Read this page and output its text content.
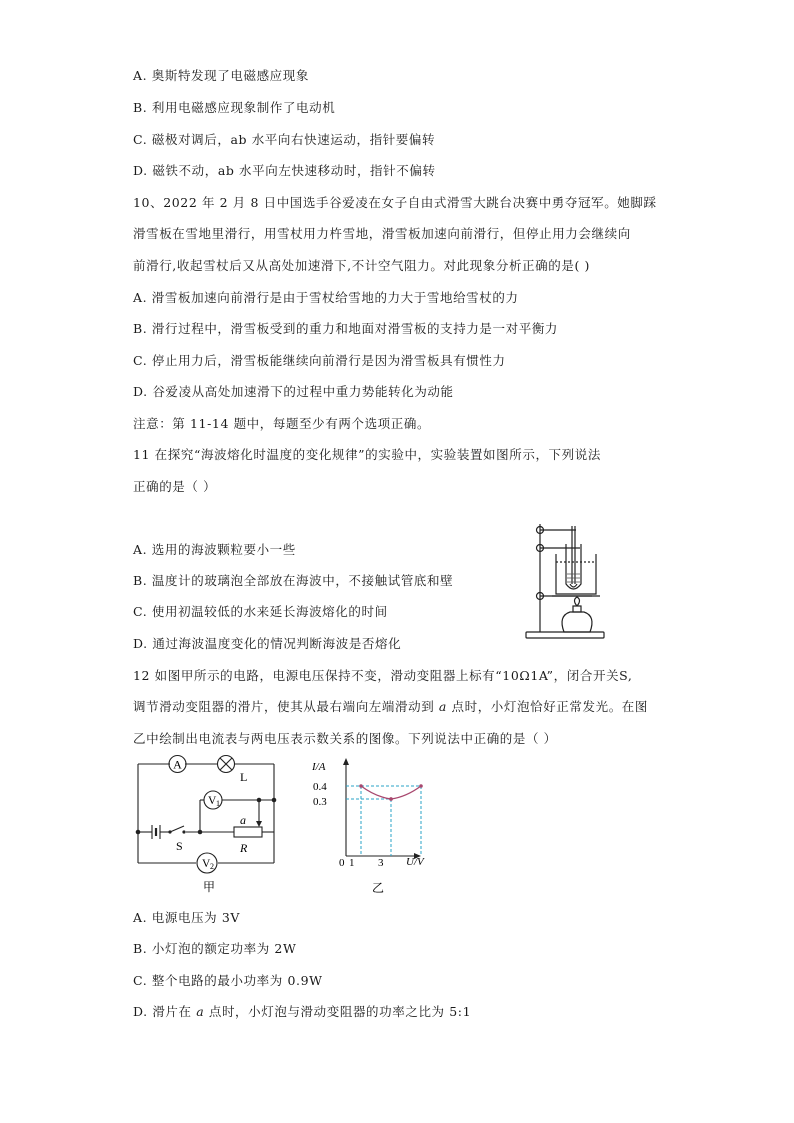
A. 奥斯特发现了电磁感应现象
B. 利用电磁感应现象制作了电动机
C. 磁极对调后，ab 水平向右快速运动，指针要偏转
D. 磁铁不动，ab 水平向左快速移动时，指针不偏转
10、2022 年 2 月 8 日中国选手谷爱凌在女子自由式滑雪大跳台决赛中勇夺冠军。她脚踩
滑雪板在雪地里滑行，用雪杖用力杵雪地，滑雪板加速向前滑行，但停止用力会继续向
前滑行,收起雪杖后又从高处加速滑下,不计空气阻力。对此现象分析正确的是( )
A. 滑雪板加速向前滑行是由于雪杖给雪地的力大于雪地给雪杖的力
B. 滑行过程中，滑雪板受到的重力和地面对滑雪板的支持力是一对平衡力
C. 停止用力后，滑雪板能继续向前滑行是因为滑雪板具有惯性力
D. 谷爱凌从高处加速滑下的过程中重力势能转化为动能
注意：第 11-14 题中，每题至少有两个选项正确。
11 在探究“海波熔化时温度的变化规律”的实验中，实验装置如图所示，下列说法
正确的是（ ）
A. 选用的海波颗粒要小一些
B. 温度计的玻璃泡全部放在海波中，不接触试管底和壁
C. 使用初温较低的水来延长海波熔化的时间
D. 通过海波温度变化的情况判断海波是否熔化
12 如图甲所示的电路，电源电压保持不变，滑动变阻器上标有“10Ω1A”，闭合开关S,
调节滑动变阻器的滑片，使其从最右端向左端滑动到 a 点时，小灯泡恰好正常发光。在图
乙中绘制出电流表与两电压表示数关系的图像。下列说法中正确的是（ ）
A
L
V 1
V 2
S
a
R
甲
0
0.4
0.3
1 3
I/A
U/V
乙
A. 电源电压为 3V
B. 小灯泡的额定功率为 2W
C. 整个电路的最小功率为 0.9W
D. 滑片在 a 点时，小灯泡与滑动变阻器的功率之比为 5:1
